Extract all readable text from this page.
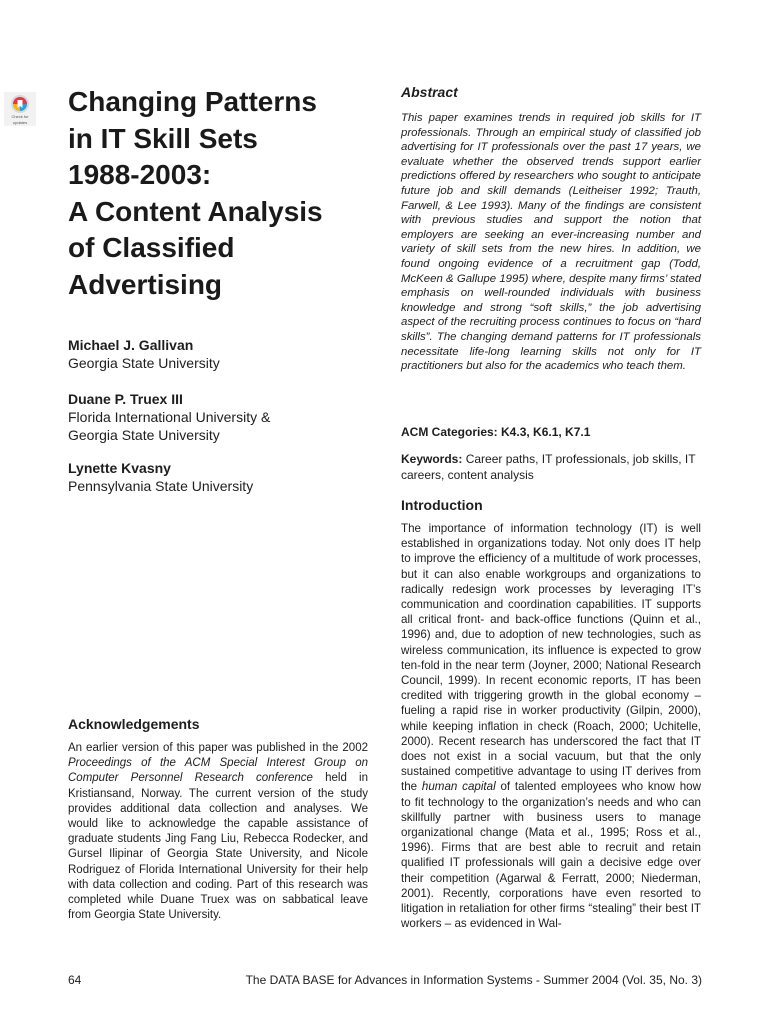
Check for
updates
Changing Patterns
in IT Skill Sets
1988-2003:
A Content Analysis
of Classified
Advertising
Michael J. Gallivan
Georgia State University
Duane P. Truex III
Florida International University &
Georgia State University
Lynette Kvasny
Pennsylvania State University
Acknowledgements

An earlier version of this paper was published in the 2002 Proceedings of the ACM Special Interest Group on Computer Personnel Research conference held in Kristiansand, Norway. The current version of the study provides additional data collection and analyses. We would like to acknowledge the capable assistance of graduate students Jing Fang Liu, Rebecca Rodecker, and Gursel Ilipinar of Georgia State University, and Nicole Rodriguez of Florida International University for their help with data collection and coding. Part of this research was completed while Duane Truex was on sabbatical leave from Georgia State University.

Abstract

This paper examines trends in required job skills for IT professionals. Through an empirical study of classified job advertising for IT professionals over the past 17 years, we evaluate whether the observed trends support earlier predictions offered by researchers who sought to anticipate future job and skill demands (Leitheiser 1992; Trauth, Farwell, & Lee 1993). Many of the findings are consistent with previous studies and support the notion that employers are seeking an ever-increasing number and variety of skill sets from the new hires. In addition, we found ongoing evidence of a recruitment gap (Todd, McKeen & Gallupe 1995) where, despite many firms’ stated emphasis on well-rounded individuals with business knowledge and strong “soft skills,” the job advertising aspect of the recruiting process continues to focus on “hard skills”. The changing demand patterns for IT professionals necessitate life-long learning skills not only for IT practitioners but also for the academics who teach them.

ACM Categories: K4.3, K6.1, K7.1

Keywords: Career paths, IT professionals, job skills, IT careers, content analysis

Introduction

The importance of information technology (IT) is well established in organizations today. Not only does IT help to improve the efficiency of a multitude of work processes, but it can also enable workgroups and organizations to radically redesign work processes by leveraging IT’s communication and coordination capabilities. IT supports all critical front- and back-office functions (Quinn et al., 1996) and, due to adoption of new technologies, such as wireless communication, its influence is expected to grow ten-fold in the near term (Joyner, 2000; National Research Council, 1999). In recent economic reports, IT has been credited with triggering growth in the global economy – fueling a rapid rise in worker productivity (Gilpin, 2000), while keeping inflation in check (Roach, 2000; Uchitelle, 2000). Recent research has underscored the fact that IT does not exist in a social vacuum, but that the only sustained competitive advantage to using IT derives from the human capital of talented employees who know how to fit technology to the organization’s needs and who can skillfully partner with business users to manage organizational change (Mata et al., 1995; Ross et al., 1996). Firms that are best able to recruit and retain qualified IT professionals will gain a decisive edge over their competition (Agarwal & Ferratt, 2000; Niederman, 2001). Recently, corporations have even resorted to litigation in retaliation for other firms “stealing” their best IT workers – as evidenced in Wal-

64	The DATA BASE for Advances in Information Systems - Summer 2004 (Vol. 35, No. 3)
